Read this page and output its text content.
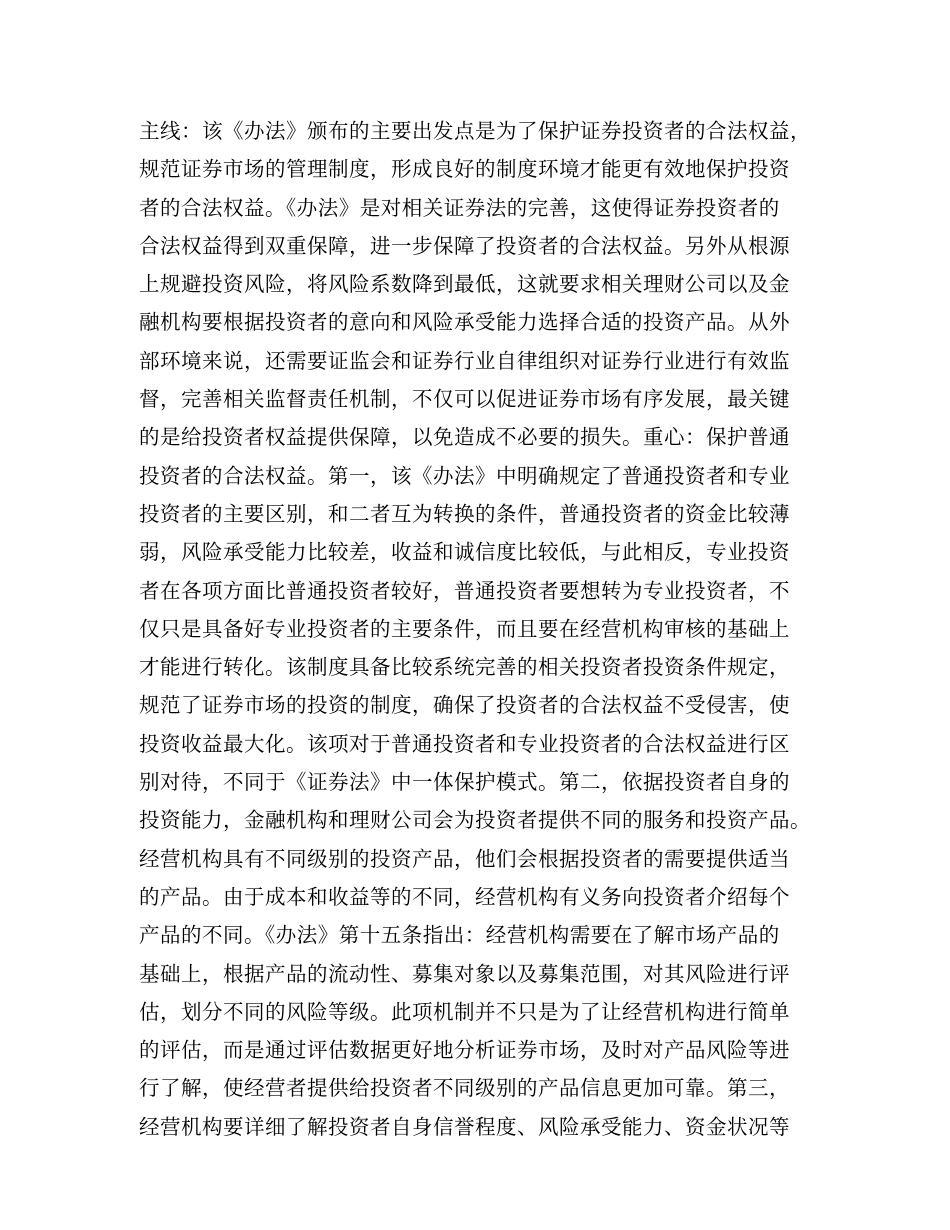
主线：该《办法》颁布的主要出发点是为了保护证券投资者的合法权益，
规范证券市场的管理制度，形成良好的制度环境才能更有效地保护投资
者的合法权益。《办法》是对相关证券法的完善，这使得证券投资者的
合法权益得到双重保障，进一步保障了投资者的合法权益。另外从根源
上规避投资风险，将风险系数降到最低，这就要求相关理财公司以及金
融机构要根据投资者的意向和风险承受能力选择合适的投资产品。从外
部环境来说，还需要证监会和证券行业自律组织对证券行业进行有效监
督，完善相关监督责任机制，不仅可以促进证券市场有序发展，最关键
的是给投资者权益提供保障，以免造成不必要的损失。重心：保护普通
投资者的合法权益。第一，该《办法》中明确规定了普通投资者和专业
投资者的主要区别，和二者互为转换的条件，普通投资者的资金比较薄
弱，风险承受能力比较差，收益和诚信度比较低，与此相反，专业投资
者在各项方面比普通投资者较好，普通投资者要想转为专业投资者，不
仅只是具备好专业投资者的主要条件，而且要在经营机构审核的基础上
才能进行转化。该制度具备比较系统完善的相关投资者投资条件规定，
规范了证券市场的投资的制度，确保了投资者的合法权益不受侵害，使
投资收益最大化。该项对于普通投资者和专业投资者的合法权益进行区
别对待，不同于《证券法》中一体保护模式。第二，依据投资者自身的
投资能力，金融机构和理财公司会为投资者提供不同的服务和投资产品。
经营机构具有不同级别的投资产品，他们会根据投资者的需要提供适当
的产品。由于成本和收益等的不同，经营机构有义务向投资者介绍每个
产品的不同。《办法》第十五条指出：经营机构需要在了解市场产品的
基础上，根据产品的流动性、募集对象以及募集范围，对其风险进行评
估，划分不同的风险等级。此项机制并不只是为了让经营机构进行简单
的评估，而是通过评估数据更好地分析证券市场，及时对产品风险等进
行了解，使经营者提供给投资者不同级别的产品信息更加可靠。第三，
经营机构要详细了解投资者自身信誉程度、风险承受能力、资金状况等
